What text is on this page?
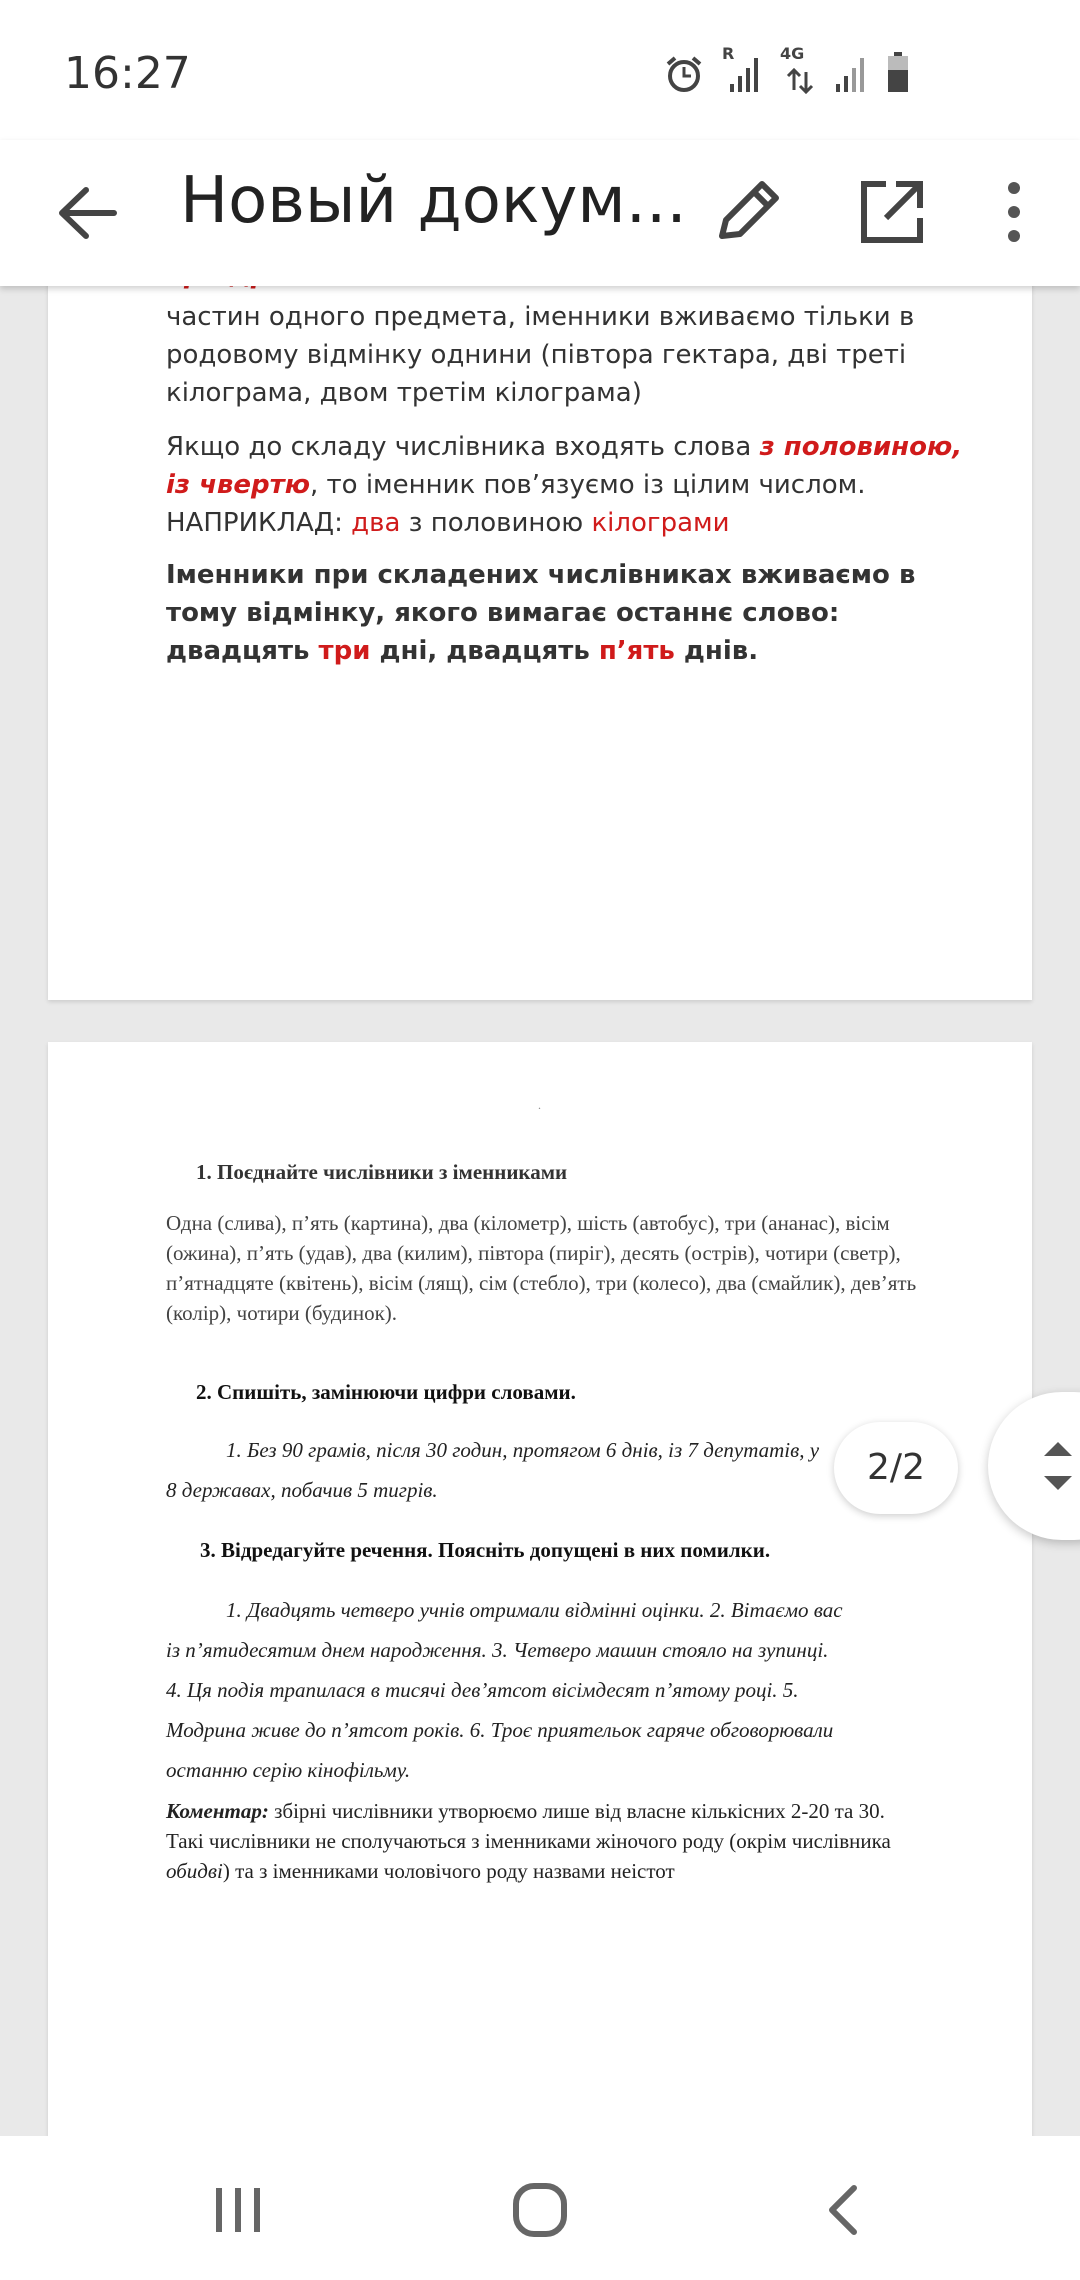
16:27	R	4G
Новый докум...
частин одного предмета, іменники вживаємо тільки в родовому відмінку однини (півтора гектара, дві треті кілограма, двом третім кілограма)
Якщо до складу числівника входять слова з половиною, із чвертю, то іменник пов’язуємо із цілим числом. НАПРИКЛАД: два з половиною кілограми
Іменники при складених числівниках вживаємо в тому відмінку, якого вимагає останнє слово: двадцять три дні, двадцять п’ять днів.
.
1. Поєднайте числівники з іменниками
Одна (слива), п’ять (картина), два (кілометр), шість (автобус), три (ананас), вісім (ожина), п’ять (удав), два (килим), півтора (пиріг), десять (острів), чотири (светр), п’ятнадцяте (квітень), вісім (лящ), сім (стебло), три (колесо), два (смайлик), дев’ять (колір), чотири (будинок).
2. Спишіть, замінюючи цифри словами.
1. Без 90 грамів, після 30 годин, протягом 6 днів, із 7 депутатів, у
8 державах, побачив 5 тигрів.
3. Відредагуйте речення. Поясніть допущені в них помилки.
1. Двадцять четверо учнів отримали відмінні оцінки. 2. Вітаємо вас
із п’ятидесятим днем народження. 3. Четверо машин стояло на зупинці.
4. Ця подія трапилася в тисячі дев’ятсот вісімдесят п’ятому році. 5.
Модрина живе до п’ятсот років. 6. Троє приятельок гаряче обговорювали
останню серію кінофільму.
Коментар: збірні числівники утворюємо лише від власне кількісних 2-20 та 30. Такі числівники не сполучаються з іменниками жіночого роду (окрім числівника обидві) та з іменниками чоловічого роду назвами неістот
2/2
